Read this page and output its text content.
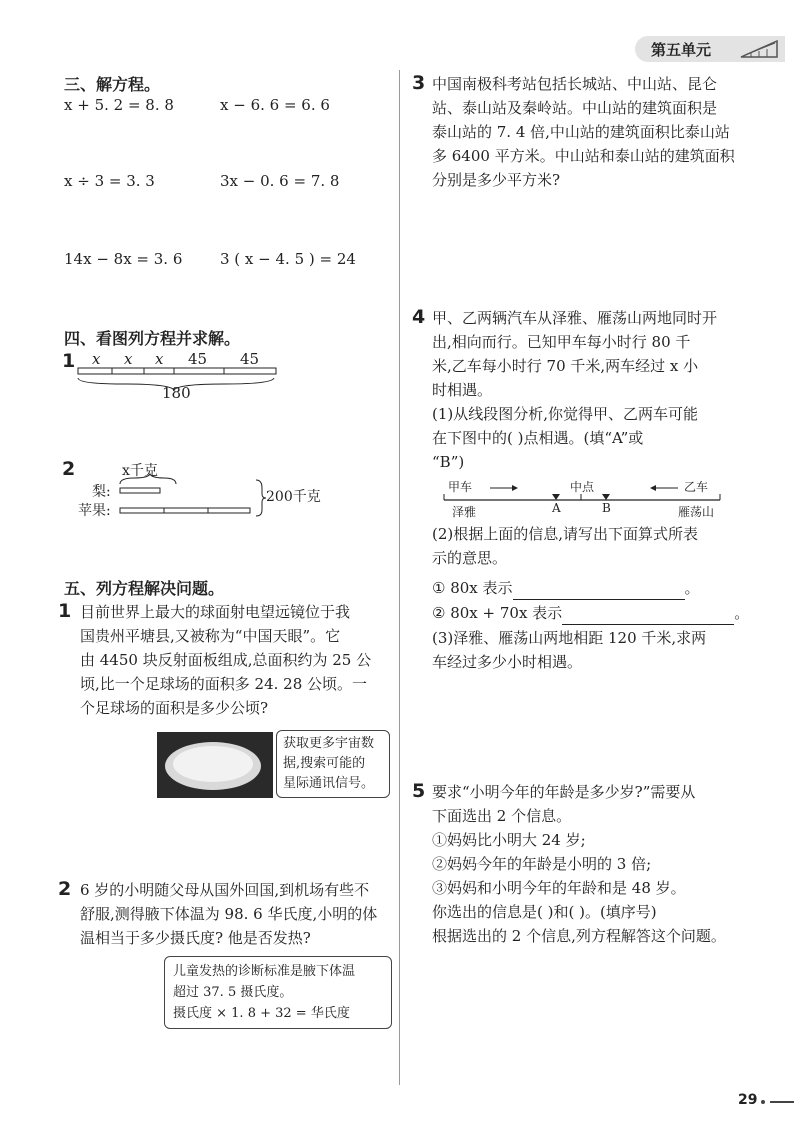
第五单元
三、解方程。
x + 5. 2 = 8. 8	x − 6. 6 = 6. 6
x ÷ 3 = 3. 3	3x − 0. 6 = 7. 8
14x − 8x = 3. 6	3 ( x − 4. 5 ) = 24
四、看图列方程并求解。
1 x x x 45 45
180
2	x千克
梨:
苹果:
200千克
五、列方程解决问题。
1 目前世界上最大的球面射电望远镜位于我
国贵州平塘县,又被称为“中国天眼”。它
由 4450 块反射面板组成,总面积约为 25 公
顷,比一个足球场的面积多 24. 28 公顷。一
个足球场的面积是多少公顷?
获取更多宇宙数
据,搜索可能的
星际通讯信号。
2 6 岁的小明随父母从国外回国,到机场有些不
舒服,测得腋下体温为 98. 6 华氏度,小明的体
温相当于多少摄氏度? 他是否发热?
儿童发热的诊断标准是腋下体温
超过 37. 5 摄氏度。
摄氏度 × 1. 8 + 32 = 华氏度
3 中国南极科考站包括长城站、中山站、昆仑
站、泰山站及秦岭站。中山站的建筑面积是
泰山站的 7. 4 倍,中山站的建筑面积比泰山站
多 6400 平方米。中山站和泰山站的建筑面积
分别是多少平方米?
4 甲、乙两辆汽车从泽雅、雁荡山两地同时开
出,相向而行。已知甲车每小时行 80 千
米,乙车每小时行 70 千米,两车经过 x 小
时相遇。
(1)从线段图分析,你觉得甲、乙两车可能
在下图中的( )点相遇。(填“A”或
“B”)
甲车	乙车
中点
A	B
泽雅	雁荡山
(2)根据上面的信息,请写出下面算式所表
示的意思。
① 80x 表示	。
② 80x + 70x 表示	。
(3)泽雅、雁荡山两地相距 120 千米,求两
车经过多少小时相遇。
5 要求“小明今年的年龄是多少岁?”需要从
下面选出 2 个信息。
①妈妈比小明大 24 岁;
②妈妈今年的年龄是小明的 3 倍;
③妈妈和小明今年的年龄和是 48 岁。
你选出的信息是( )和( )。(填序号)
根据选出的 2 个信息,列方程解答这个问题。
29
